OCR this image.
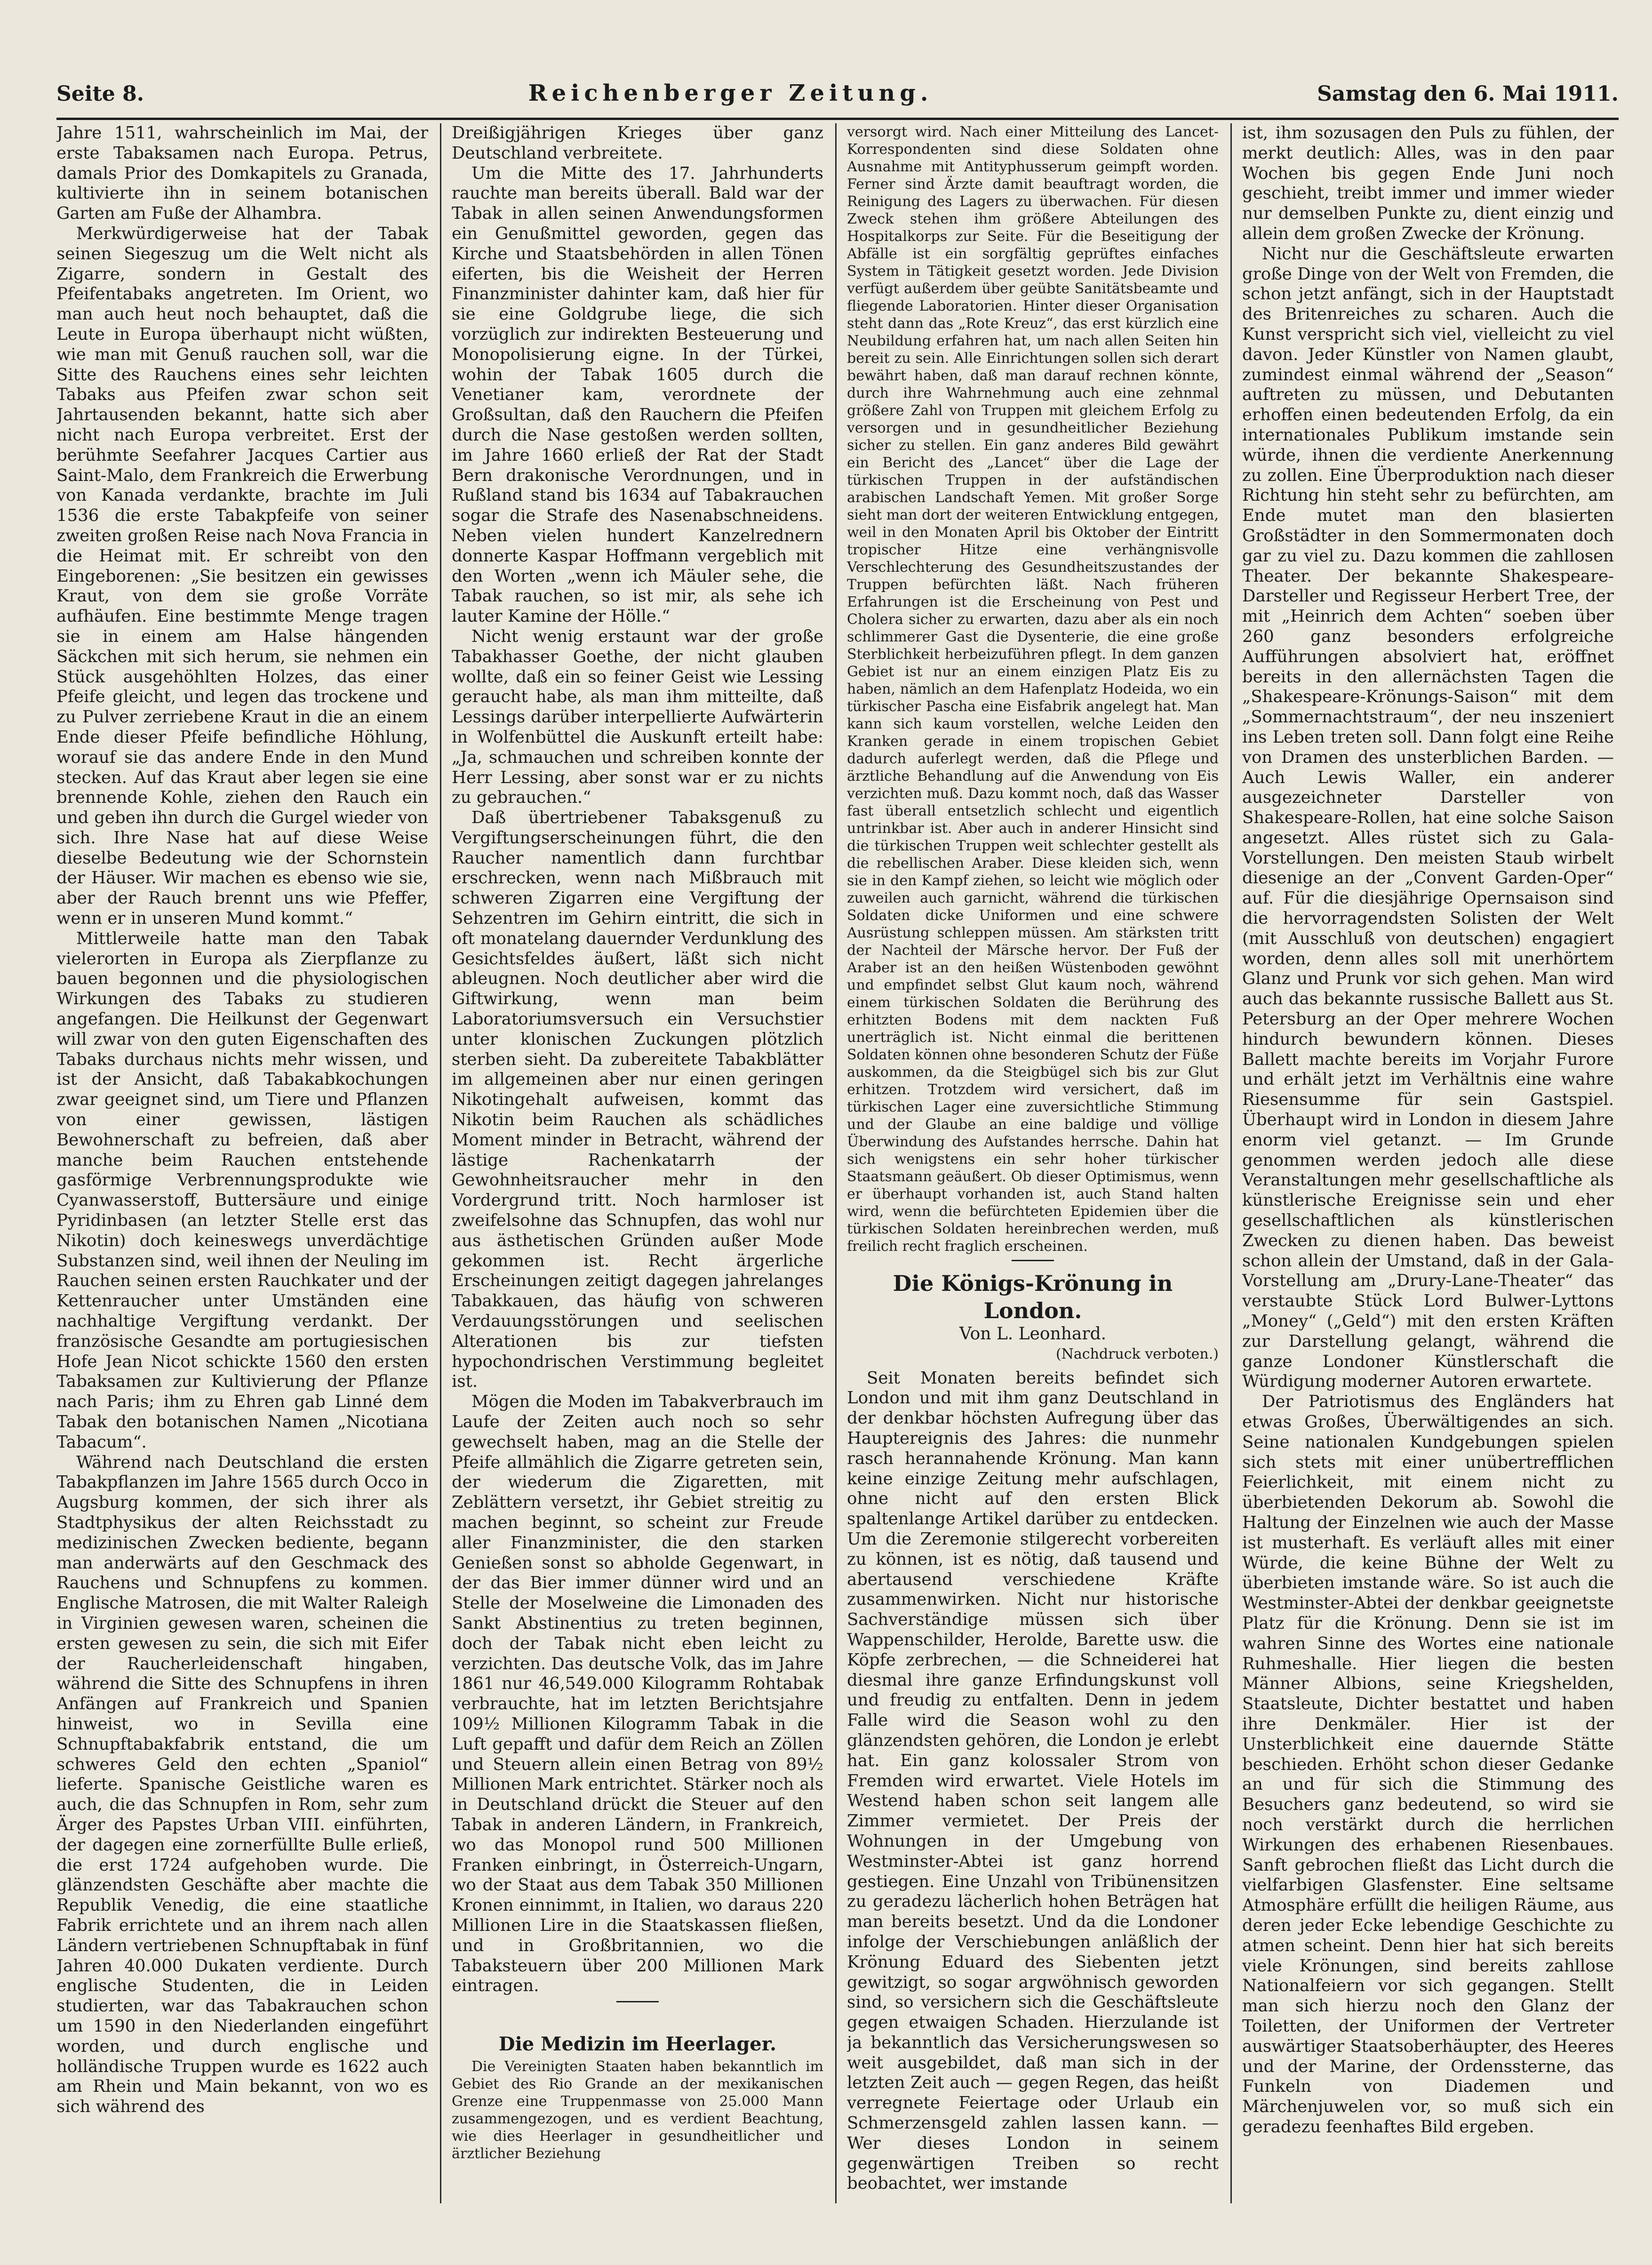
Seite 8.	Reichenberger Zeitung.	Samstag den 6. Mai 1911.

Jahre 1511, wahrscheinlich im Mai, der erste Tabaksamen nach Europa. Petrus, damals Prior des Domkapitels zu Granada, kultivierte ihn in seinem botanischen Garten am Fuße der Alhambra.

Merkwürdigerweise hat der Tabak seinen Siegeszug um die Welt nicht als Zigarre, sondern in Gestalt des Pfeifentabaks angetreten. Im Orient, wo man auch heut noch behauptet, daß die Leute in Europa überhaupt nicht wüßten, wie man mit Genuß rauchen soll, war die Sitte des Rauchens eines sehr leichten Tabaks aus Pfeifen zwar schon seit Jahrtausenden bekannt, hatte sich aber nicht nach Europa verbreitet. Erst der berühmte Seefahrer Jacques Cartier aus Saint-Malo, dem Frankreich die Erwerbung von Kanada verdankte, brachte im Juli 1536 die erste Tabakpfeife von seiner zweiten großen Reise nach Nova Francia in die Heimat mit. Er schreibt von den Eingeborenen: „Sie besitzen ein gewisses Kraut, von dem sie große Vorräte aufhäufen. Eine bestimmte Menge tragen sie in einem am Halse hängenden Säckchen mit sich herum, sie nehmen ein Stück ausgehöhlten Holzes, das einer Pfeife gleicht, und legen das trockene und zu Pulver zerriebene Kraut in die an einem Ende dieser Pfeife befindliche Höhlung, worauf sie das andere Ende in den Mund stecken. Auf das Kraut aber legen sie eine brennende Kohle, ziehen den Rauch ein und geben ihn durch die Gurgel wieder von sich. Ihre Nase hat auf diese Weise dieselbe Bedeutung wie der Schornstein der Häuser. Wir machen es ebenso wie sie, aber der Rauch brennt uns wie Pfeffer, wenn er in unseren Mund kommt.“

Mittlerweile hatte man den Tabak vielerorten in Europa als Zierpflanze zu bauen begonnen und die physiologischen Wirkungen des Tabaks zu studieren angefangen. Die Heilkunst der Gegenwart will zwar von den guten Eigenschaften des Tabaks durchaus nichts mehr wissen, und ist der Ansicht, daß Tabakabkochungen zwar geeignet sind, um Tiere und Pflanzen von einer gewissen, lästigen Bewohnerschaft zu befreien, daß aber manche beim Rauchen entstehende gasförmige Verbrennungsprodukte wie Cyanwasserstoff, Buttersäure und einige Pyridinbasen (an letzter Stelle erst das Nikotin) doch keineswegs unverdächtige Substanzen sind, weil ihnen der Neuling im Rauchen seinen ersten Rauchkater und der Kettenraucher unter Umständen eine nachhaltige Vergiftung verdankt. Der französische Gesandte am portugiesischen Hofe Jean Nicot schickte 1560 den ersten Tabaksamen zur Kultivierung der Pflanze nach Paris; ihm zu Ehren gab Linné dem Tabak den botanischen Namen „Nicotiana Tabacum“.

Während nach Deutschland die ersten Tabakpflanzen im Jahre 1565 durch Occo in Augsburg kommen, der sich ihrer als Stadtphysikus der alten Reichsstadt zu medizinischen Zwecken bediente, begann man anderwärts auf den Geschmack des Rauchens und Schnupfens zu kommen. Englische Matrosen, die mit Walter Raleigh in Virginien gewesen waren, scheinen die ersten gewesen zu sein, die sich mit Eifer der Raucherleidenschaft hingaben, während die Sitte des Schnupfens in ihren Anfängen auf Frankreich und Spanien hinweist, wo in Sevilla eine Schnupftabakfabrik entstand, die um schweres Geld den echten „Spaniol“ lieferte. Spanische Geistliche waren es auch, die das Schnupfen in Rom, sehr zum Ärger des Papstes Urban VIII. einführten, der dagegen eine zornerfüllte Bulle erließ, die erst 1724 aufgehoben wurde. Die glänzendsten Geschäfte aber machte die Republik Venedig, die eine staatliche Fabrik errichtete und an ihrem nach allen Ländern vertriebenen Schnupftabak in fünf Jahren 40.000 Dukaten verdiente. Durch englische Studenten, die in Leiden studierten, war das Tabakrauchen schon um 1590 in den Niederlanden eingeführt worden, und durch englische und holländische Truppen wurde es 1622 auch am Rhein und Main bekannt, von wo es sich während des

Dreißigjährigen Krieges über ganz Deutschland verbreitete.

Um die Mitte des 17. Jahrhunderts rauchte man bereits überall. Bald war der Tabak in allen seinen Anwendungsformen ein Genußmittel geworden, gegen das Kirche und Staatsbehörden in allen Tönen eiferten, bis die Weisheit der Herren Finanzminister dahinter kam, daß hier für sie eine Goldgrube liege, die sich vorzüglich zur indirekten Besteuerung und Monopolisierung eigne. In der Türkei, wohin der Tabak 1605 durch die Venetianer kam, verordnete der Großsultan, daß den Rauchern die Pfeifen durch die Nase gestoßen werden sollten, im Jahre 1660 erließ der Rat der Stadt Bern drakonische Verordnungen, und in Rußland stand bis 1634 auf Tabakrauchen sogar die Strafe des Nasenabschneidens. Neben vielen hundert Kanzelrednern donnerte Kaspar Hoffmann vergeblich mit den Worten „wenn ich Mäuler sehe, die Tabak rauchen, so ist mir, als sehe ich lauter Kamine der Hölle.“

Nicht wenig erstaunt war der große Tabakhasser Goethe, der nicht glauben wollte, daß ein so feiner Geist wie Lessing geraucht habe, als man ihm mitteilte, daß Lessings darüber interpellierte Aufwärterin in Wolfenbüttel die Auskunft erteilt habe: „Ja, schmauchen und schreiben konnte der Herr Lessing, aber sonst war er zu nichts zu gebrauchen.“

Daß übertriebener Tabaksgenuß zu Vergiftungserscheinungen führt, die den Raucher namentlich dann furchtbar erschrecken, wenn nach Mißbrauch mit schweren Zigarren eine Vergiftung der Sehzentren im Gehirn eintritt, die sich in oft monatelang dauernder Verdunklung des Gesichtsfeldes äußert, läßt sich nicht ableugnen. Noch deutlicher aber wird die Giftwirkung, wenn man beim Laboratoriumsversuch ein Versuchstier unter klonischen Zuckungen plötzlich sterben sieht. Da zubereitete Tabakblätter im allgemeinen aber nur einen geringen Nikotingehalt aufweisen, kommt das Nikotin beim Rauchen als schädliches Moment minder in Betracht, während der lästige Rachenkatarrh der Gewohnheitsraucher mehr in den Vordergrund tritt. Noch harmloser ist zweifelsohne das Schnupfen, das wohl nur aus ästhetischen Gründen außer Mode gekommen ist. Recht ärgerliche Erscheinungen zeitigt dagegen jahrelanges Tabakkauen, das häufig von schweren Verdauungsstörungen und seelischen Alterationen bis zur tiefsten hypochondrischen Verstimmung begleitet ist.

Mögen die Moden im Tabakverbrauch im Laufe der Zeiten auch noch so sehr gewechselt haben, mag an die Stelle der Pfeife allmählich die Zigarre getreten sein, der wiederum die Zigaretten, mit Zeblättern versetzt, ihr Gebiet streitig zu machen beginnt, so scheint zur Freude aller Finanzminister, die den starken Genießen sonst so abholde Gegenwart, in der das Bier immer dünner wird und an Stelle der Moselweine die Limonaden des Sankt Abstinentius zu treten beginnen, doch der Tabak nicht eben leicht zu verzichten. Das deutsche Volk, das im Jahre 1861 nur 46,549.000 Kilogramm Rohtabak verbrauchte, hat im letzten Berichtsjahre 109½ Millionen Kilogramm Tabak in die Luft gepafft und dafür dem Reich an Zöllen und Steuern allein einen Betrag von 89½ Millionen Mark entrichtet. Stärker noch als in Deutschland drückt die Steuer auf den Tabak in anderen Ländern, in Frankreich, wo das Monopol rund 500 Millionen Franken einbringt, in Österreich-Ungarn, wo der Staat aus dem Tabak 350 Millionen Kronen einnimmt, in Italien, wo daraus 220 Millionen Lire in die Staatskassen fließen, und in Großbritannien, wo die Tabaksteuern über 200 Millionen Mark eintragen.

Die Medizin im Heerlager.

Die Vereinigten Staaten haben bekanntlich im Gebiet des Rio Grande an der mexikanischen Grenze eine Truppenmasse von 25.000 Mann zusammengezogen, und es verdient Beachtung, wie dies Heerlager in gesundheitlicher und ärztlicher Beziehung

versorgt wird. Nach einer Mitteilung des Lancet-Korrespondenten sind diese Soldaten ohne Ausnahme mit Antityphusserum geimpft worden. Ferner sind Ärzte damit beauftragt worden, die Reinigung des Lagers zu überwachen. Für diesen Zweck stehen ihm größere Abteilungen des Hospitalkorps zur Seite. Für die Beseitigung der Abfälle ist ein sorgfältig geprüftes einfaches System in Tätigkeit gesetzt worden. Jede Division verfügt außerdem über geübte Sanitätsbeamte und fliegende Laboratorien. Hinter dieser Organisation steht dann das „Rote Kreuz“, das erst kürzlich eine Neubildung erfahren hat, um nach allen Seiten hin bereit zu sein. Alle Einrichtungen sollen sich derart bewährt haben, daß man darauf rechnen könnte, durch ihre Wahrnehmung auch eine zehnmal größere Zahl von Truppen mit gleichem Erfolg zu versorgen und in gesundheitlicher Beziehung sicher zu stellen. Ein ganz anderes Bild gewährt ein Bericht des „Lancet“ über die Lage der türkischen Truppen in der aufständischen arabischen Landschaft Yemen. Mit großer Sorge sieht man dort der weiteren Entwicklung entgegen, weil in den Monaten April bis Oktober der Eintritt tropischer Hitze eine verhängnisvolle Verschlechterung des Gesundheitszustandes der Truppen befürchten läßt. Nach früheren Erfahrungen ist die Erscheinung von Pest und Cholera sicher zu erwarten, dazu aber als ein noch schlimmerer Gast die Dysenterie, die eine große Sterblichkeit herbeizuführen pflegt. In dem ganzen Gebiet ist nur an einem einzigen Platz Eis zu haben, nämlich an dem Hafenplatz Hodeida, wo ein türkischer Pascha eine Eisfabrik angelegt hat. Man kann sich kaum vorstellen, welche Leiden den Kranken gerade in einem tropischen Gebiet dadurch auferlegt werden, daß die Pflege und ärztliche Behandlung auf die Anwendung von Eis verzichten muß. Dazu kommt noch, daß das Wasser fast überall entsetzlich schlecht und eigentlich untrinkbar ist. Aber auch in anderer Hinsicht sind die türkischen Truppen weit schlechter gestellt als die rebellischen Araber. Diese kleiden sich, wenn sie in den Kampf ziehen, so leicht wie möglich oder zuweilen auch garnicht, während die türkischen Soldaten dicke Uniformen und eine schwere Ausrüstung schleppen müssen. Am stärksten tritt der Nachteil der Märsche hervor. Der Fuß der Araber ist an den heißen Wüstenboden gewöhnt und empfindet selbst Glut kaum noch, während einem türkischen Soldaten die Berührung des erhitzten Bodens mit dem nackten Fuß unerträglich ist. Nicht einmal die berittenen Soldaten können ohne besonderen Schutz der Füße auskommen, da die Steigbügel sich bis zur Glut erhitzen. Trotzdem wird versichert, daß im türkischen Lager eine zuversichtliche Stimmung und der Glaube an eine baldige und völlige Überwindung des Aufstandes herrsche. Dahin hat sich wenigstens ein sehr hoher türkischer Staatsmann geäußert. Ob dieser Optimismus, wenn er überhaupt vorhanden ist, auch Stand halten wird, wenn die befürchteten Epidemien über die türkischen Soldaten hereinbrechen werden, muß freilich recht fraglich erscheinen.

Die Königs-Krönung in London.

Von L. Leonhard.

(Nachdruck verboten.)

Seit Monaten bereits befindet sich London und mit ihm ganz Deutschland in der denkbar höchsten Aufregung über das Hauptereignis des Jahres: die nunmehr rasch herannahende Krönung. Man kann keine einzige Zeitung mehr aufschlagen, ohne nicht auf den ersten Blick spaltenlange Artikel darüber zu entdecken. Um die Zeremonie stilgerecht vorbereiten zu können, ist es nötig, daß tausend und abertausend verschiedene Kräfte zusammenwirken. Nicht nur historische Sachverständige müssen sich über Wappenschilder, Herolde, Barette usw. die Köpfe zerbrechen, — die Schneiderei hat diesmal ihre ganze Erfindungskunst voll und freudig zu entfalten. Denn in jedem Falle wird die Season wohl zu den glänzendsten gehören, die London je erlebt hat. Ein ganz kolossaler Strom von Fremden wird erwartet. Viele Hotels im Westend haben schon seit langem alle Zimmer vermietet. Der Preis der Wohnungen in der Umgebung von Westminster-Abtei ist ganz horrend gestiegen. Eine Unzahl von Tribünensitzen zu geradezu lächerlich hohen Beträgen hat man bereits besetzt. Und da die Londoner infolge der Verschiebungen anläßlich der Krönung Eduard des Siebenten jetzt gewitzigt, so sogar argwöhnisch geworden sind, so versichern sich die Geschäftsleute gegen etwaigen Schaden. Hierzulande ist ja bekanntlich das Versicherungswesen so weit ausgebildet, daß man sich in der letzten Zeit auch — gegen Regen, das heißt verregnete Feiertage oder Urlaub ein Schmerzensgeld zahlen lassen kann. — Wer dieses London in seinem gegenwärtigen Treiben so recht beobachtet, wer imstande

ist, ihm sozusagen den Puls zu fühlen, der merkt deutlich: Alles, was in den paar Wochen bis gegen Ende Juni noch geschieht, treibt immer und immer wieder nur demselben Punkte zu, dient einzig und allein dem großen Zwecke der Krönung.

Nicht nur die Geschäftsleute erwarten große Dinge von der Welt von Fremden, die schon jetzt anfängt, sich in der Hauptstadt des Britenreiches zu scharen. Auch die Kunst verspricht sich viel, vielleicht zu viel davon. Jeder Künstler von Namen glaubt, zumindest einmal während der „Season“ auftreten zu müssen, und Debutanten erhoffen einen bedeutenden Erfolg, da ein internationales Publikum imstande sein würde, ihnen die verdiente Anerkennung zu zollen. Eine Überproduktion nach dieser Richtung hin steht sehr zu befürchten, am Ende mutet man den blasierten Großstädter in den Sommermonaten doch gar zu viel zu. Dazu kommen die zahllosen Theater. Der bekannte Shakespeare-Darsteller und Regisseur Herbert Tree, der mit „Heinrich dem Achten“ soeben über 260 ganz besonders erfolgreiche Aufführungen absolviert hat, eröffnet bereits in den allernächsten Tagen die „Shakespeare-Krönungs-Saison“ mit dem „Sommernachtstraum“, der neu inszeniert ins Leben treten soll. Dann folgt eine Reihe von Dramen des unsterblichen Barden. — Auch Lewis Waller, ein anderer ausgezeichneter Darsteller von Shakespeare-Rollen, hat eine solche Saison angesetzt. Alles rüstet sich zu Gala-Vorstellungen. Den meisten Staub wirbelt diesenige an der „Convent Garden-Oper“ auf. Für die diesjährige Opernsaison sind die hervorragendsten Solisten der Welt (mit Ausschluß von deutschen) engagiert worden, denn alles soll mit unerhörtem Glanz und Prunk vor sich gehen. Man wird auch das bekannte russische Ballett aus St. Petersburg an der Oper mehrere Wochen hindurch bewundern können. Dieses Ballett machte bereits im Vorjahr Furore und erhält jetzt im Verhältnis eine wahre Riesensumme für sein Gastspiel. Überhaupt wird in London in diesem Jahre enorm viel getanzt. — Im Grunde genommen werden jedoch alle diese Veranstaltungen mehr gesellschaftliche als künstlerische Ereignisse sein und eher gesellschaftlichen als künstlerischen Zwecken zu dienen haben. Das beweist schon allein der Umstand, daß in der Gala-Vorstellung am „Drury-Lane-Theater“ das verstaubte Stück Lord Bulwer-Lyttons „Money“ („Geld“) mit den ersten Kräften zur Darstellung gelangt, während die ganze Londoner Künstlerschaft die Würdigung moderner Autoren erwartete.

Der Patriotismus des Engländers hat etwas Großes, Überwältigendes an sich. Seine nationalen Kundgebungen spielen sich stets mit einer unübertrefflichen Feierlichkeit, mit einem nicht zu überbietenden Dekorum ab. Sowohl die Haltung der Einzelnen wie auch der Masse ist musterhaft. Es verläuft alles mit einer Würde, die keine Bühne der Welt zu überbieten imstande wäre. So ist auch die Westminster-Abtei der denkbar geeignetste Platz für die Krönung. Denn sie ist im wahren Sinne des Wortes eine nationale Ruhmeshalle. Hier liegen die besten Männer Albions, seine Kriegshelden, Staatsleute, Dichter bestattet und haben ihre Denkmäler. Hier ist der Unsterblichkeit eine dauernde Stätte beschieden. Erhöht schon dieser Gedanke an und für sich die Stimmung des Besuchers ganz bedeutend, so wird sie noch verstärkt durch die herrlichen Wirkungen des erhabenen Riesenbaues. Sanft gebrochen fließt das Licht durch die vielfarbigen Glasfenster. Eine seltsame Atmosphäre erfüllt die heiligen Räume, aus deren jeder Ecke lebendige Geschichte zu atmen scheint. Denn hier hat sich bereits viele Krönungen, sind bereits zahllose Nationalfeiern vor sich gegangen. Stellt man sich hierzu noch den Glanz der Toiletten, der Uniformen der Vertreter auswärtiger Staatsoberhäupter, des Heeres und der Marine, der Ordenssterne, das Funkeln von Diademen und Märchenjuwelen vor, so muß sich ein geradezu feenhaftes Bild ergeben.
